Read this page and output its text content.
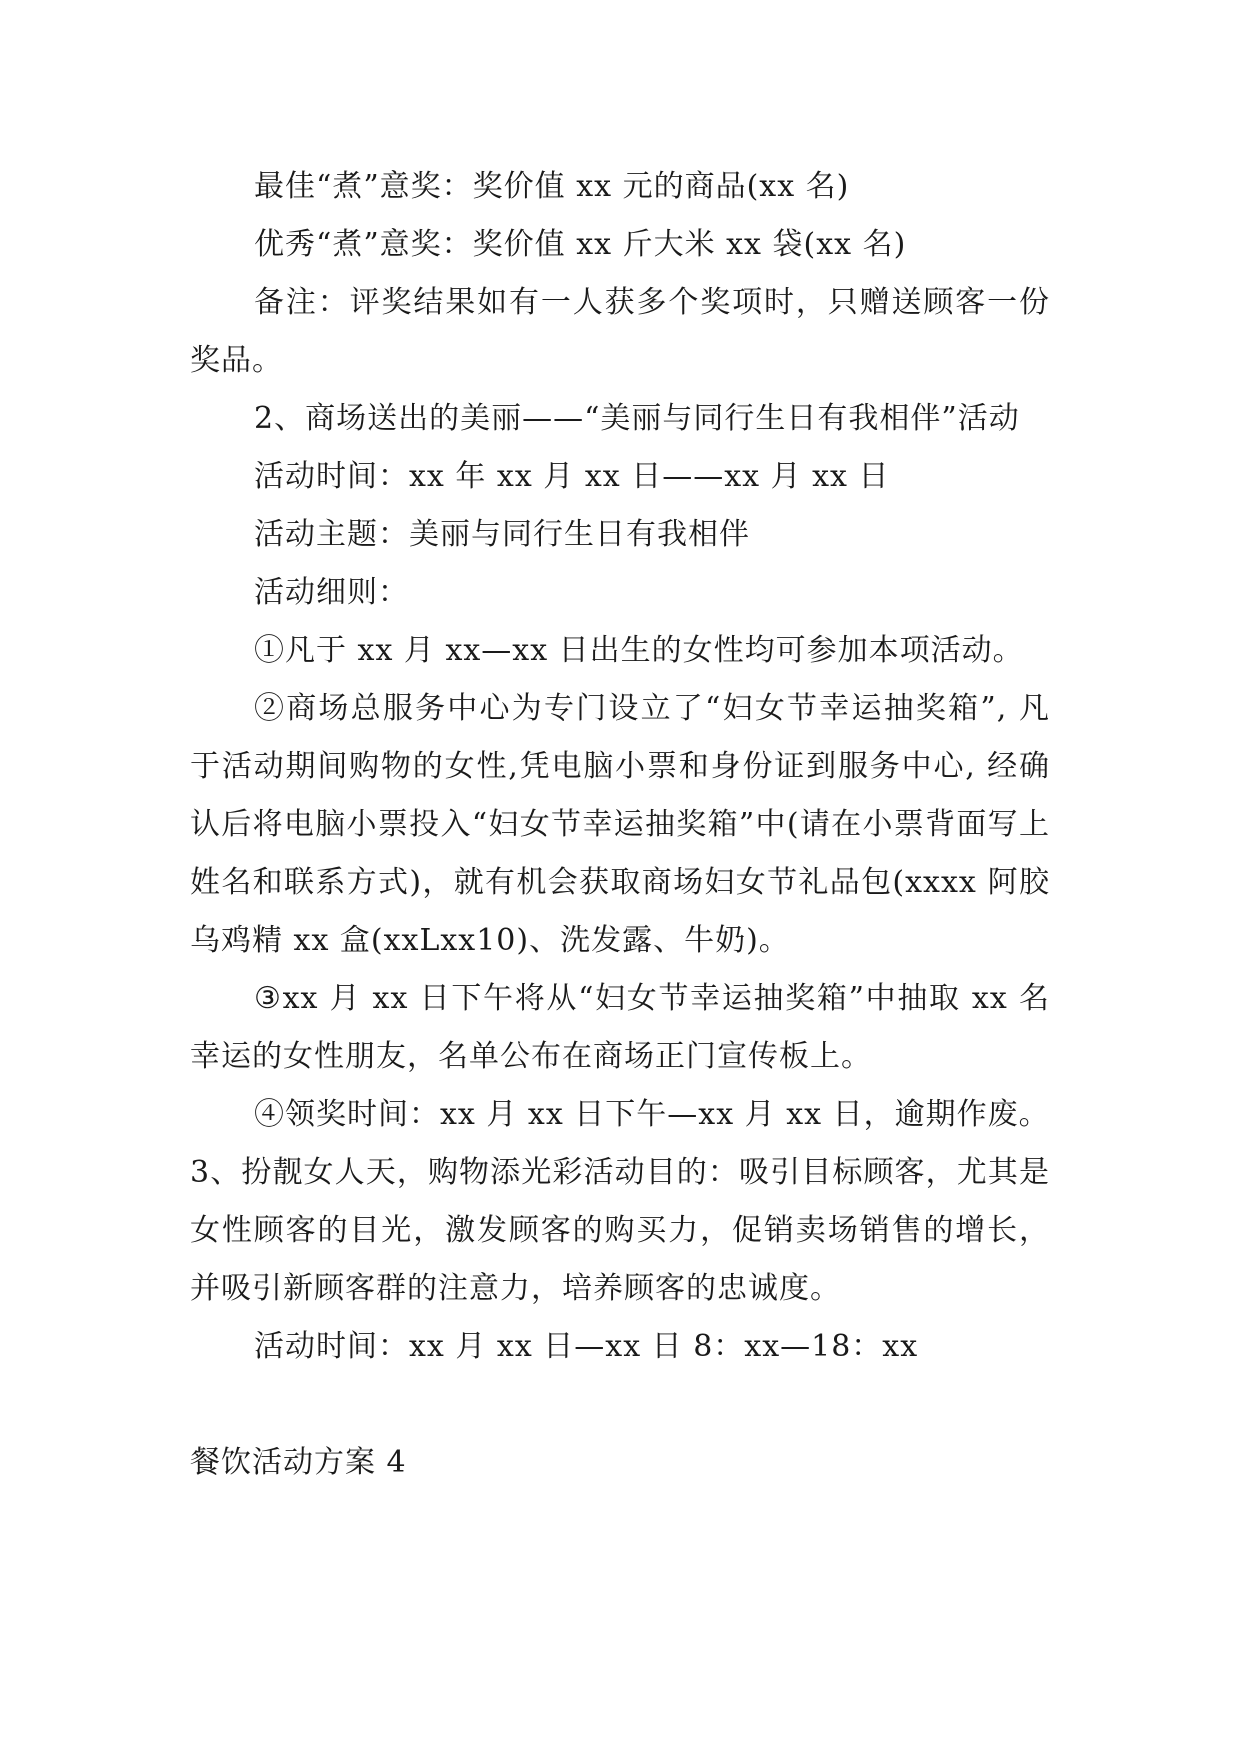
最佳“煮”意奖：奖价值 xx 元的商品(xx 名)

优秀“煮”意奖：奖价值 xx 斤大米 xx 袋(xx 名)

备注：评奖结果如有一人获多个奖项时，只赠送顾客一份奖品。

2、商场送出的美丽——“美丽与同行生日有我相伴”活动

活动时间：xx 年 xx 月 xx 日——xx 月 xx 日

活动主题：美丽与同行生日有我相伴

活动细则：

①凡于 xx 月 xx—xx 日出生的女性均可参加本项活动。

②商场总服务中心为专门设立了“妇女节幸运抽奖箱”, 凡于活动期间购物的女性,凭电脑小票和身份证到服务中心, 经确认后将电脑小票投入“妇女节幸运抽奖箱”中(请在小票背面写上姓名和联系方式)，就有机会获取商场妇女节礼品包(xxxx 阿胶乌鸡精 xx 盒(xxLxx10)、洗发露、牛奶)。

③xx 月 xx 日下午将从“妇女节幸运抽奖箱”中抽取 xx 名幸运的女性朋友，名单公布在商场正门宣传板上。

④领奖时间：xx 月 xx 日下午—xx 月 xx 日，逾期作废。

3、扮靓女人天，购物添光彩活动目的：吸引目标顾客，尤其是女性顾客的目光，激发顾客的购买力，促销卖场销售的增长，并吸引新顾客群的注意力，培养顾客的忠诚度。

活动时间：xx 月 xx 日—xx 日 8：xx—18：xx

餐饮活动方案 4
